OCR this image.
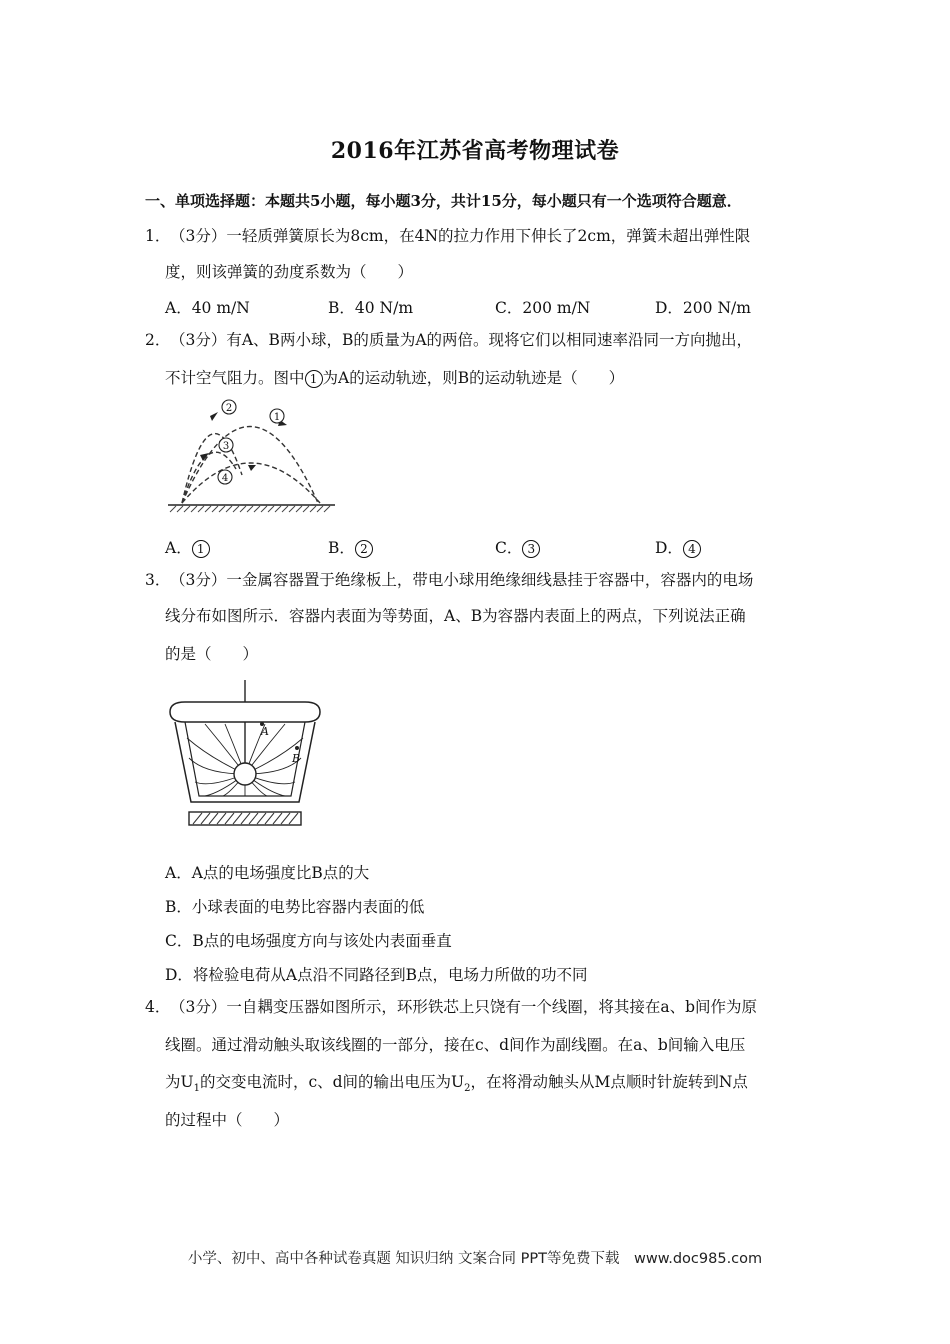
2016年江苏省高考物理试卷
一、单项选择题：本题共5小题，每小题3分，共计15分，每小题只有一个选项符合题意．
1． （3分）一轻质弹簧原长为8cm，在4N的拉力作用下伸长了2cm，弹簧未超出弹性限
度，则该弹簧的劲度系数为（　　）
A．40 m/N	B．40 N/m	C．200 m/N	D．200 N/m
2． （3分）有A、B两小球，B的质量为A的两倍。现将它们以相同速率沿同一方向抛出，
不计空气阻力。图中 1 为A的运动轨迹，则B的运动轨迹是（　　）
2
1
3
4
A． 1	B． 2	C． 3	D． 4
3． （3分）一金属容器置于绝缘板上，带电小球用绝缘细线悬挂于容器中，容器内的电场
线分布如图所示．容器内表面为等势面，A、B为容器内表面上的两点，下列说法正确
的是（　　）
A
B
A．A点的电场强度比B点的大
B．小球表面的电势比容器内表面的低
C．B点的电场强度方向与该处内表面垂直
D．将检验电荷从A点沿不同路径到B点，电场力所做的功不同
4． （3分）一自耦变压器如图所示，环形铁芯上只饶有一个线圈，将其接在a、b间作为原
线圈。通过滑动触头取该线圈的一部分，接在c、d间作为副线圈。在a、b间输入电压
为$U_1$的交变电流时，c、d间的输出电压为$U_2$，在将滑动触头从M点顺时针旋转到N点
的过程中（　　）
小学、初中、高中各种试卷真题 知识归纳 文案合同 PPT等免费下载　www.doc985.com
